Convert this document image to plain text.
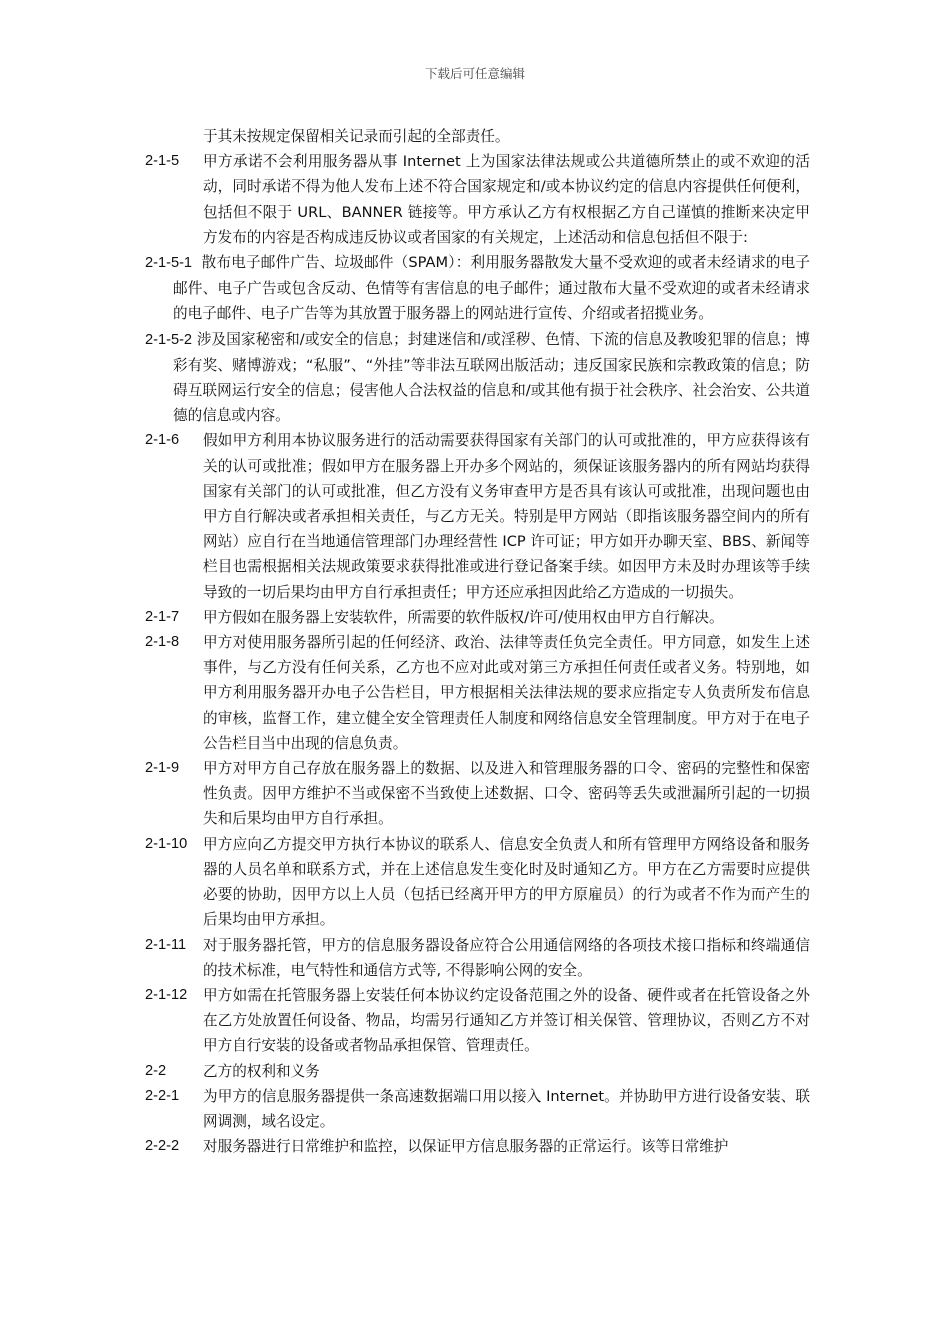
下载后可任意编辑
于其未按规定保留相关记录而引起的全部责任。
2-1-5	甲方承诺不会利用服务器从事 Internet 上为国家法律法规或公共道德所禁止的或不欢迎的活动，同时承诺不得为他人发布上述不符合国家规定和/或本协议约定的信息内容提供任何便利，包括但不限于 URL、BANNER 链接等。甲方承认乙方有权根据乙方自己谨慎的推断来决定甲方发布的内容是否构成违反协议或者国家的有关规定，上述活动和信息包括但不限于:
2-1-5-1 散布电子邮件广告、垃圾邮件（SPAM）：利用服务器散发大量不受欢迎的或者未经请求的电子邮件、电子广告或包含反动、色情等有害信息的电子邮件；通过散布大量不受欢迎的或者未经请求的电子邮件、电子广告等为其放置于服务器上的网站进行宣传、介绍或者招揽业务。
2-1-5-2 涉及国家秘密和/或安全的信息；封建迷信和/或淫秽、色情、下流的信息及教唆犯罪的信息；博彩有奖、赌博游戏；“私服”、“外挂”等非法互联网出版活动；违反国家民族和宗教政策的信息；防碍互联网运行安全的信息；侵害他人合法权益的信息和/或其他有损于社会秩序、社会治安、公共道德的信息或内容。
2-1-6	假如甲方利用本协议服务进行的活动需要获得国家有关部门的认可或批准的，甲方应获得该有关的认可或批准；假如甲方在服务器上开办多个网站的，须保证该服务器内的所有网站均获得国家有关部门的认可或批准，但乙方没有义务审查甲方是否具有该认可或批准，出现问题也由甲方自行解决或者承担相关责任，与乙方无关。特别是甲方网站（即指该服务器空间内的所有网站）应自行在当地通信管理部门办理经营性 ICP 许可证；甲方如开办聊天室、BBS、新闻等栏目也需根据相关法规政策要求获得批准或进行登记备案手续。如因甲方未及时办理该等手续导致的一切后果均由甲方自行承担责任；甲方还应承担因此给乙方造成的一切损失。
2-1-7	甲方假如在服务器上安装软件，所需要的软件版权/许可/使用权由甲方自行解决。
2-1-8	甲方对使用服务器所引起的任何经济、政治、法律等责任负完全责任。甲方同意，如发生上述事件，与乙方没有任何关系，乙方也不应对此或对第三方承担任何责任或者义务。特别地，如甲方利用服务器开办电子公告栏目，甲方根据相关法律法规的要求应指定专人负责所发布信息的审核，监督工作，建立健全安全管理责任人制度和网络信息安全管理制度。甲方对于在电子公告栏目当中出现的信息负责。
2-1-9	甲方对甲方自己存放在服务器上的数据、以及进入和管理服务器的口令、密码的完整性和保密性负责。因甲方维护不当或保密不当致使上述数据、口令、密码等丢失或泄漏所引起的一切损失和后果均由甲方自行承担。
2-1-10	甲方应向乙方提交甲方执行本协议的联系人、信息安全负责人和所有管理甲方网络设备和服务器的人员名单和联系方式，并在上述信息发生变化时及时通知乙方。甲方在乙方需要时应提供必要的协助，因甲方以上人员（包括已经离开甲方的甲方原雇员）的行为或者不作为而产生的后果均由甲方承担。
2-1-11	对于服务器托管，甲方的信息服务器设备应符合公用通信网络的各项技术接口指标和终端通信的技术标准，电气特性和通信方式等, 不得影响公网的安全。
2-1-12	甲方如需在托管服务器上安装任何本协议约定设备范围之外的设备、硬件或者在托管设备之外在乙方处放置任何设备、物品，均需另行通知乙方并签订相关保管、管理协议，否则乙方不对甲方自行安装的设备或者物品承担保管、管理责任。
2-2	乙方的权利和义务
2-2-1	为甲方的信息服务器提供一条高速数据端口用以接入 Internet。并协助甲方进行设备安装、联网调测，域名设定。
2-2-2	对服务器进行日常维护和监控，以保证甲方信息服务器的正常运行。该等日常维护
